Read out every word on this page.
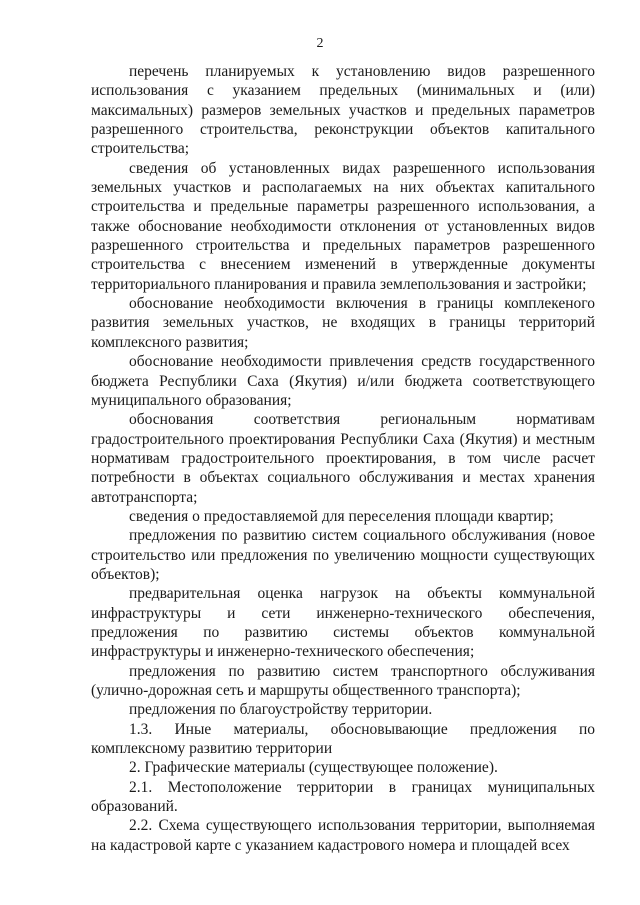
2

перечень планируемых к установлению видов разрешенного использования с указанием предельных (минимальных и (или) максимальных) размеров земельных участков и предельных параметров разрешенного строительства, реконструкции объектов капитального строительства;

сведения об установленных видах разрешенного использования земельных участков и располагаемых на них объектах капитального строительства и предельные параметры разрешенного использования, а также обоснование необходимости отклонения от установленных видов разрешенного строительства и предельных параметров разрешенного строительства с внесением изменений в утвержденные документы территориального планирования и правила землепользования и застройки;

обоснование необходимости включения в границы комплекеного развития земельных участков, не входящих в границы территорий комплексного развития;

обоснование необходимости привлечения средств государственного бюджета Республики Саха (Якутия) и/или бюджета соответствующего муниципального образования;

обоснования соответствия региональным нормативам градостроительного проектирования Республики Саха (Якутия) и местным нормативам градостроительного проектирования, в том числе расчет потребности в объектах социального обслуживания и местах хранения автотранспорта;

сведения о предоставляемой для переселения площади квартир;

предложения по развитию систем социального обслуживания (новое строительство или предложения по увеличению мощности существующих объектов);

предварительная оценка нагрузок на объекты коммунальной инфраструктуры и сети инженерно-технического обеспечения, предложения по развитию системы объектов коммунальной инфраструктуры и инженерно-технического обеспечения;

предложения по развитию систем транспортного обслуживания (улично-дорожная сеть и маршруты общественного транспорта);

предложения по благоустройству территории.

1.3. Иные материалы, обосновывающие предложения по комплексному развитию территории

2. Графические материалы (существующее положение).

2.1. Местоположение территории в границах муниципальных образований.

2.2. Схема существующего использования территории, выполняемая на кадастровой карте с указанием кадастрового номера и площадей всех
